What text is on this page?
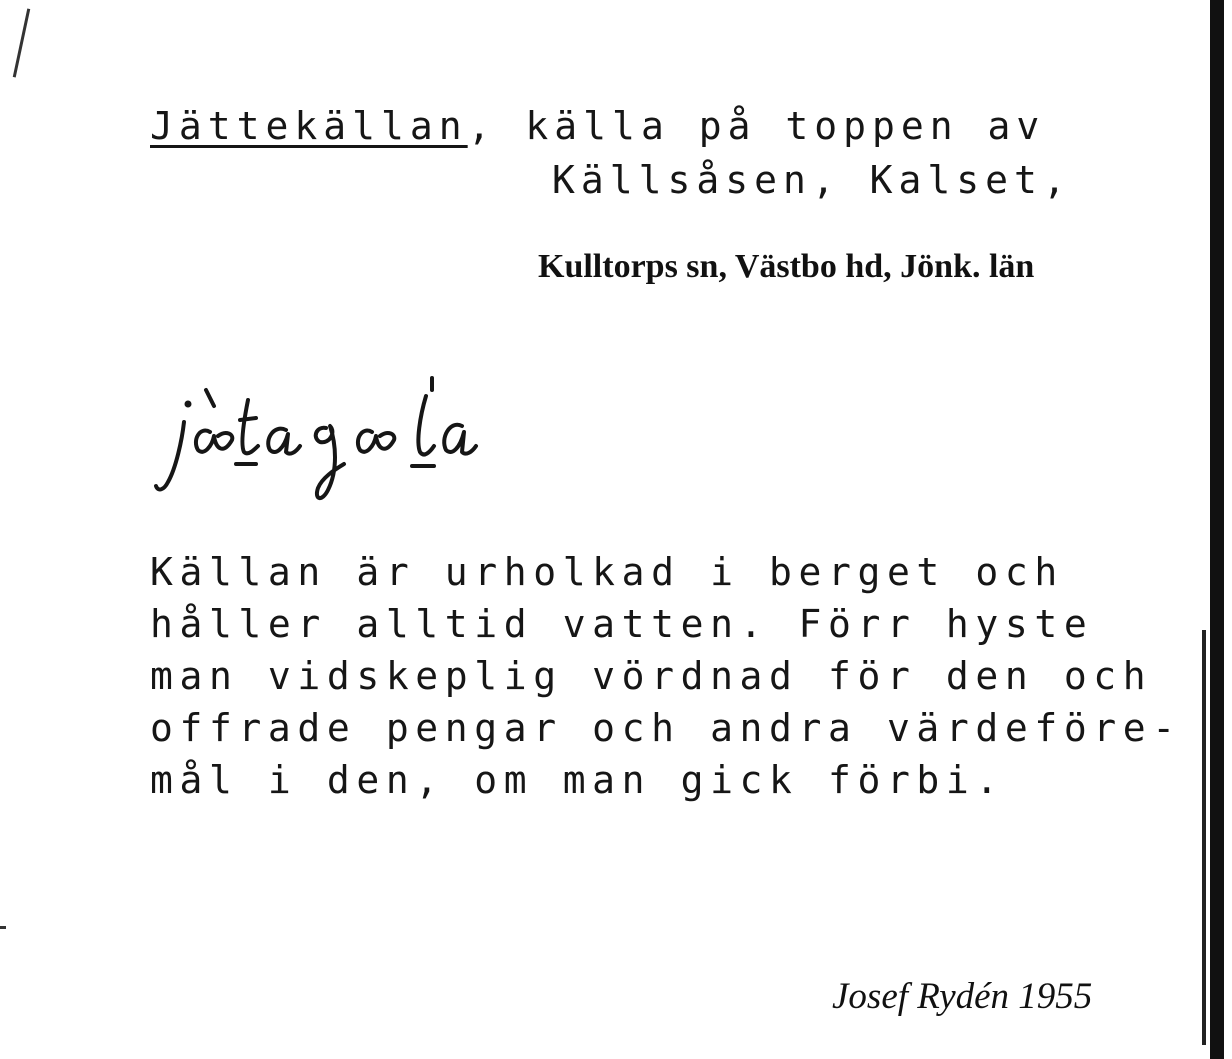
Jättekällan, källa på toppen av
Källsåsen, Kalset,
Kulltorps sn, Västbo hd, Jönk. län
jætagæla
Källan är urholkad i berget och
håller alltid vatten. Förr hyste
man vidskeplig vördnad för den och
offrade pengar och andra värdeföre-
mål i den, om man gick förbi.
Josef Rydén 1955
